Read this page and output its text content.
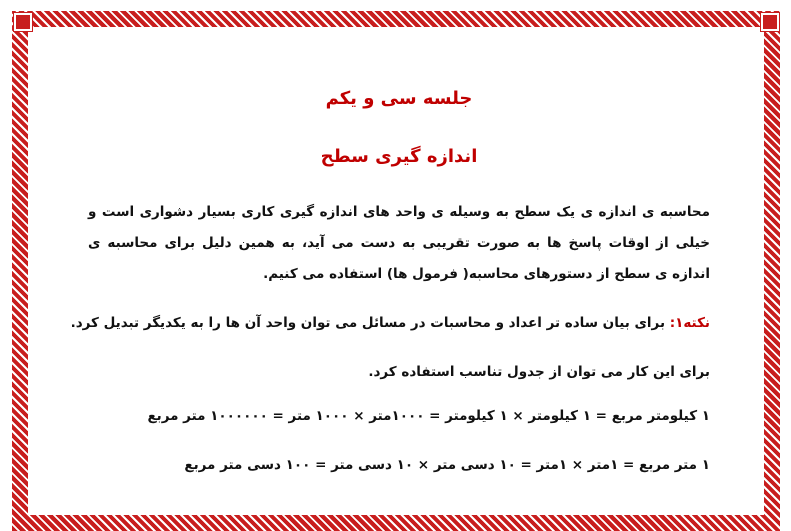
جلسه سی و یکم
اندازه گیری سطح
محاسبه ی اندازه ی یک سطح به وسیله ی واحد های اندازه گیری کاری بسیار دشواری است و خیلی از اوقات پاسخ ها به صورت تقریبی به دست می آید، به همین دلیل برای محاسبه ی اندازه ی سطح از دستورهای محاسبه( فرمول ها) استفاده می کنیم.
نکته۱: برای بیان ساده تر اعداد و محاسبات در مسائل می توان واحد آن ها را به یکدیگر تبدیل کرد.
برای این کار می توان از جدول تناسب استفاده کرد.
۱ کیلومتر مربع = ۱ کیلومتر × ۱ کیلومتر = ۱۰۰۰متر × ۱۰۰۰ متر = ۱۰۰۰۰۰۰ متر مربع
۱ متر مربع = ۱متر × ۱متر = ۱۰ دسی متر × ۱۰ دسی متر = ۱۰۰ دسی متر مربع
